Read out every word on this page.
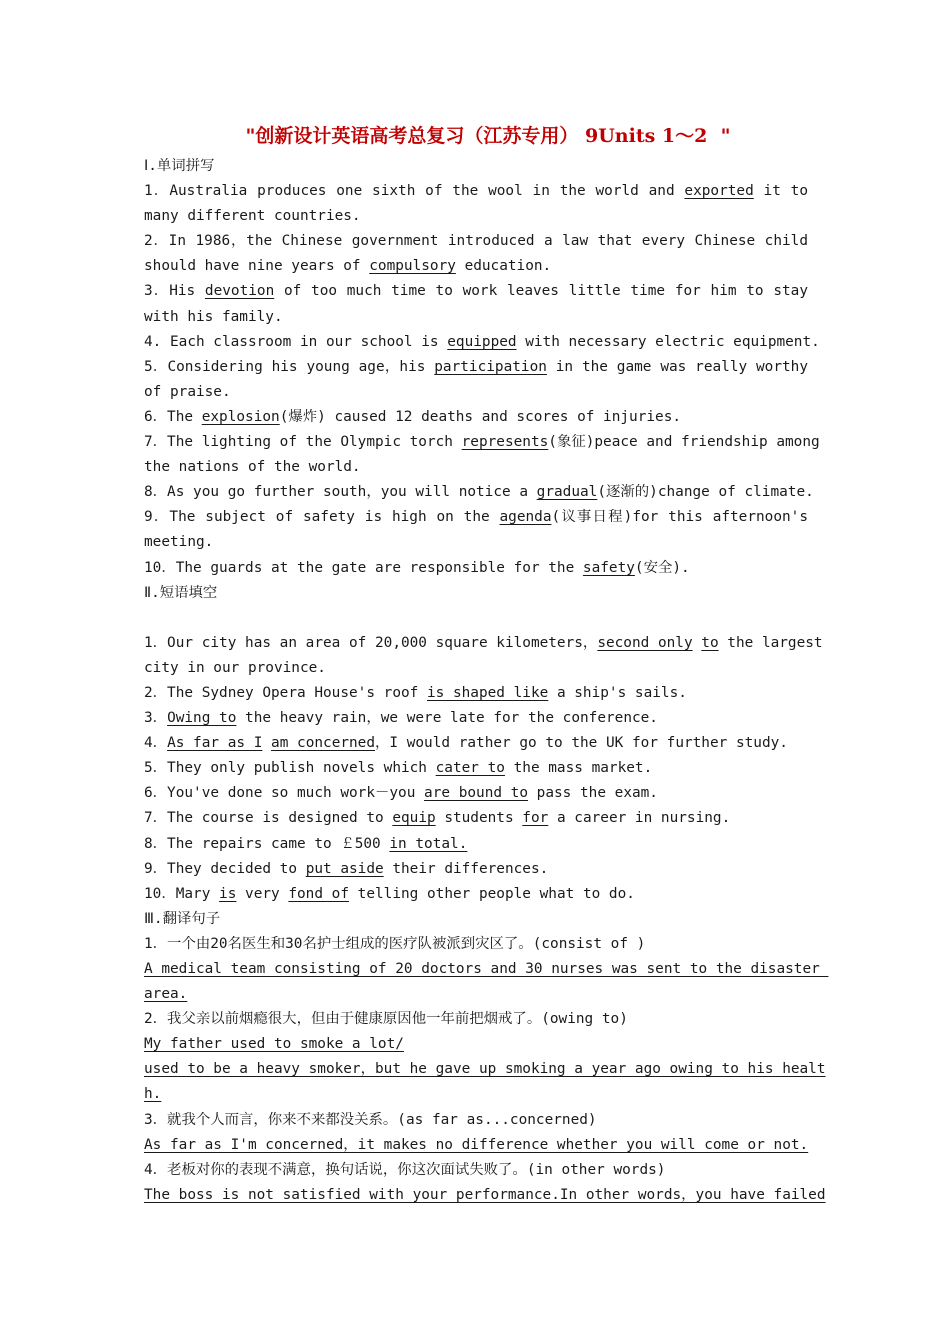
"创新设计英语高考总复习（江苏专用） 9Units 1～2  "
Ⅰ.单词拼写
1．Australia produces one sixth of the wool in the world and exported it to
many different countries.
2．In 1986，the Chinese government introduced a law that every Chinese child
should have nine years of compulsory education.
3．His devotion of too much time to work leaves little time for him to stay
with his family.
4. Each classroom in our school is equipped with necessary electric equipment.
5．Considering his young age，his participation in the game was really worthy
of praise.
6．The explosion(爆炸) caused 12 deaths and scores of injuries.
7．The lighting of the Olympic torch represents(象征)peace and friendship among
the nations of the world.
8．As you go further south，you will notice a gradual(逐渐的)change of climate.
9．The subject of safety is high on the agenda(议事日程)for this afternoon's
meeting.
10．The guards at the gate are responsible for the safety(安全).
Ⅱ.短语填空
1．Our city has an area of 20,000 square kilometers，second only to the largest
city in our province.
2．The Sydney Opera House's roof is shaped like a ship's sails.
3．Owing to the heavy rain，we were late for the conference.
4．As far as I am concerned，I would rather go to the UK for further study.
5．They only publish novels which cater to the mass market.
6．You've done so much work－you are bound to pass the exam.
7．The course is designed to equip students for a career in nursing.
8．The repairs came to ￡500 in total.
9．They decided to put aside their differences.
10．Mary is very fond of telling other people what to do.
Ⅲ.翻译句子
1．一个由20名医生和30名护士组成的医疗队被派到灾区了。(consist of )
A medical team consisting of 20 doctors and 30 nurses was sent to the disaster
area.
2．我父亲以前烟瘾很大，但由于健康原因他一年前把烟戒了。(owing to)
My father used to smoke a lot/
used to be a heavy smoker，but he gave up smoking a year ago owing to his healt
h.
3．就我个人而言，你来不来都没关系。(as far as...concerned)
As far as I'm concerned，it makes no difference whether you will come or not.
4．老板对你的表现不满意，换句话说，你这次面试失败了。(in other words)
The boss is not satisfied with your performance.In other words，you have failed
